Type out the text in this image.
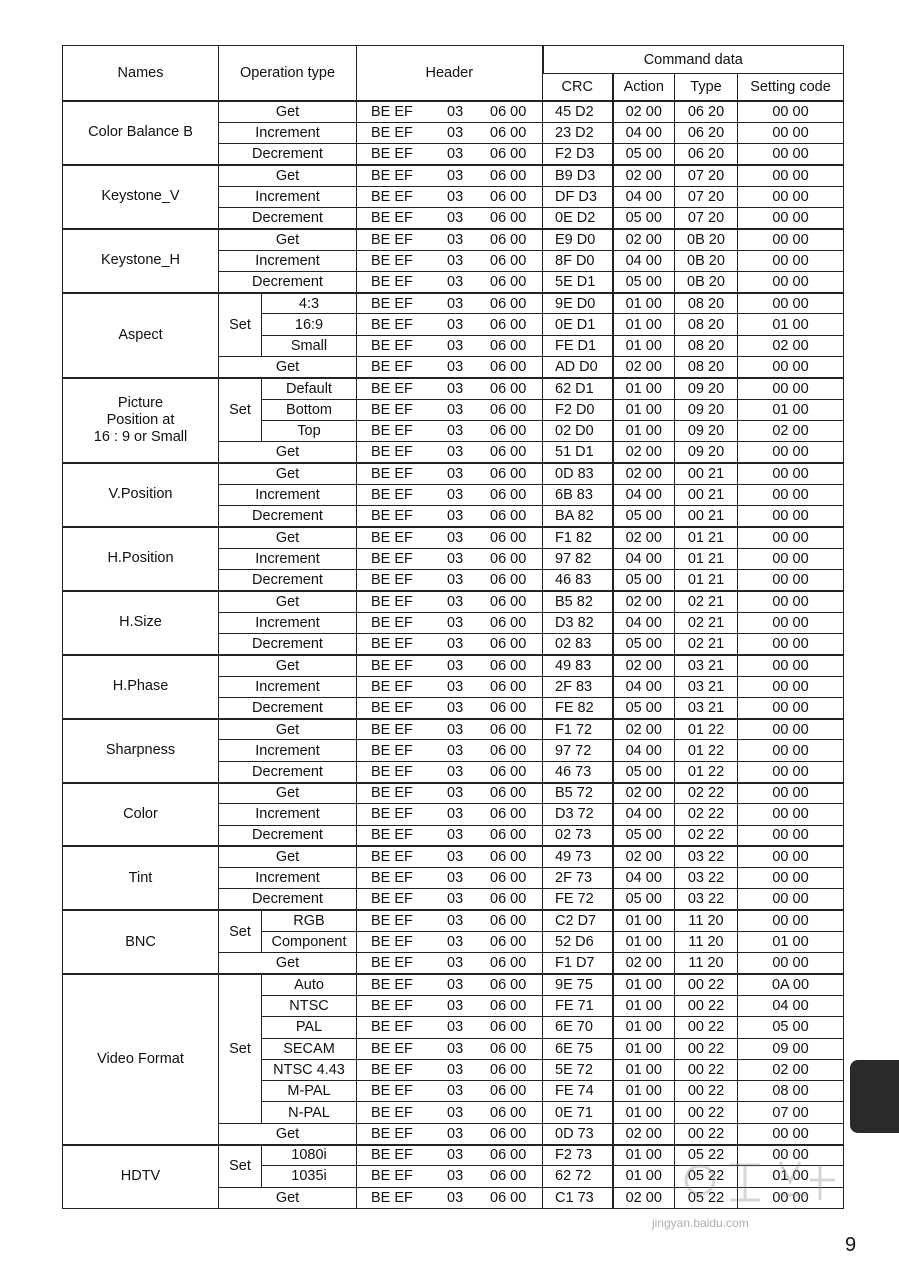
Names	Operation type		Header	Command data			
				CRC	Action	Type	Setting code
Color Balance B	Get		BE EF 03 06 00	45 D2	02 00	06 20	00 00
	Increment		BE EF 03 06 00	23 D2	04 00	06 20	00 00
	Decrement		BE EF 03 06 00	F2 D3	05 00	06 20	00 00
Keystone_V	Get		BE EF 03 06 00	B9 D3	02 00	07 20	00 00
	Increment		BE EF 03 06 00	DF D3	04 00	07 20	00 00
	Decrement		BE EF 03 06 00	0E D2	05 00	07 20	00 00
Keystone_H	Get		BE EF 03 06 00	E9 D0	02 00	0B 20	00 00
	Increment		BE EF 03 06 00	8F D0	04 00	0B 20	00 00
	Decrement		BE EF 03 06 00	5E D1	05 00	0B 20	00 00
Aspect	Set	4:3	BE EF 03 06 00	9E D0	01 00	08 20	00 00
		16:9	BE EF 03 06 00	0E D1	01 00	08 20	01 00
		Small	BE EF 03 06 00	FE D1	01 00	08 20	02 00
	Get		BE EF 03 06 00	AD D0	02 00	08 20	00 00
Picture
Position at
16 : 9 or Small	Set	Default	BE EF 03 06 00	62 D1	01 00	09 20	00 00
		Bottom	BE EF 03 06 00	F2 D0	01 00	09 20	01 00
		Top	BE EF 03 06 00	02 D0	01 00	09 20	02 00
	Get		BE EF 03 06 00	51 D1	02 00	09 20	00 00
V.Position	Get		BE EF 03 06 00	0D 83	02 00	00 21	00 00
	Increment		BE EF 03 06 00	6B 83	04 00	00 21	00 00
	Decrement		BE EF 03 06 00	BA 82	05 00	00 21	00 00
H.Position	Get		BE EF 03 06 00	F1 82	02 00	01 21	00 00
	Increment		BE EF 03 06 00	97 82	04 00	01 21	00 00
	Decrement		BE EF 03 06 00	46 83	05 00	01 21	00 00
H.Size	Get		BE EF 03 06 00	B5 82	02 00	02 21	00 00
	Increment		BE EF 03 06 00	D3 82	04 00	02 21	00 00
	Decrement		BE EF 03 06 00	02 83	05 00	02 21	00 00
H.Phase	Get		BE EF 03 06 00	49 83	02 00	03 21	00 00
	Increment		BE EF 03 06 00	2F 83	04 00	03 21	00 00
	Decrement		BE EF 03 06 00	FE 82	05 00	03 21	00 00
Sharpness	Get		BE EF 03 06 00	F1 72	02 00	01 22	00 00
	Increment		BE EF 03 06 00	97 72	04 00	01 22	00 00
	Decrement		BE EF 03 06 00	46 73	05 00	01 22	00 00
Color	Get		BE EF 03 06 00	B5 72	02 00	02 22	00 00
	Increment		BE EF 03 06 00	D3 72	04 00	02 22	00 00
	Decrement		BE EF 03 06 00	02 73	05 00	02 22	00 00
Tint	Get		BE EF 03 06 00	49 73	02 00	03 22	00 00
	Increment		BE EF 03 06 00	2F 73	04 00	03 22	00 00
	Decrement		BE EF 03 06 00	FE 72	05 00	03 22	00 00
BNC	Set	RGB	BE EF 03 06 00	C2 D7	01 00	11 20	00 00
		Component	BE EF 03 06 00	52 D6	01 00	11 20	01 00
	Get		BE EF 03 06 00	F1 D7	02 00	11 20	00 00
Video Format	Set	Auto	BE EF 03 06 00	9E 75	01 00	00 22	0A 00
		NTSC	BE EF 03 06 00	FE 71	01 00	00 22	04 00
		PAL	BE EF 03 06 00	6E 70	01 00	00 22	05 00
		SECAM	BE EF 03 06 00	6E 75	01 00	00 22	09 00
		NTSC 4.43	BE EF 03 06 00	5E 72	01 00	00 22	02 00
		M-PAL	BE EF 03 06 00	FE 74	01 00	00 22	08 00
		N-PAL	BE EF 03 06 00	0E 71	01 00	00 22	07 00
	Get		BE EF 03 06 00	0D 73	02 00	00 22	00 00
HDTV	Set	1080i	BE EF 03 06 00	F2 73	01 00	05 22	00 00
		1035i	BE EF 03 06 00	62 72	01 00	05 22	01 00
	Get		BE EF 03 06 00	C1 73	02 00	05 22	00 00
9
jingyan.baidu.com
